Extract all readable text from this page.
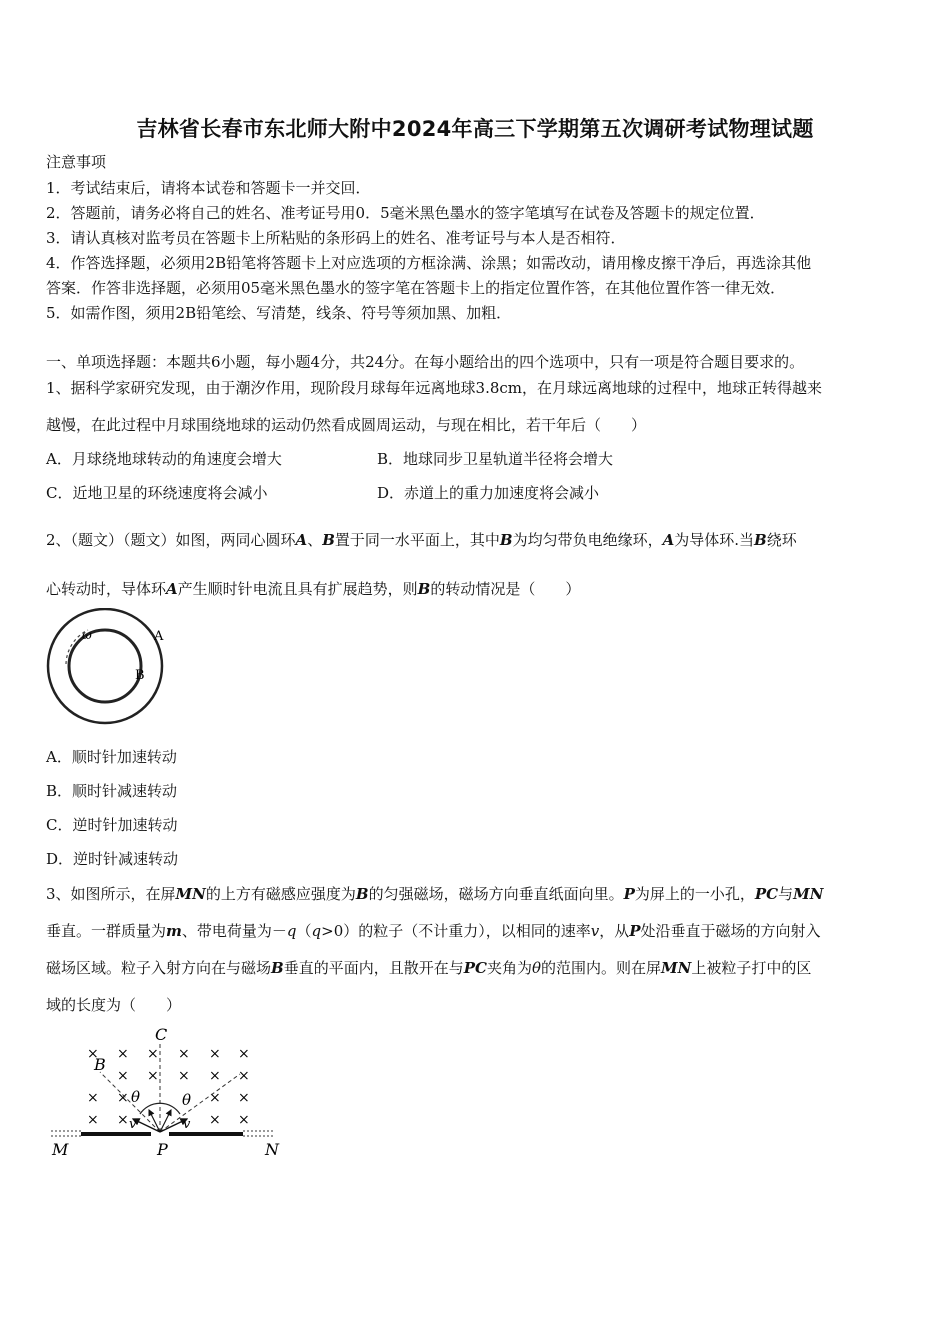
吉林省长春市东北师大附中2024年高三下学期第五次调研考试物理试题
注意事项
1．考试结束后，请将本试卷和答题卡一并交回．
2．答题前，请务必将自己的姓名、准考证号用0．5毫米黑色墨水的签字笔填写在试卷及答题卡的规定位置．
3．请认真核对监考员在答题卡上所粘贴的条形码上的姓名、准考证号与本人是否相符．
4．作答选择题，必须用2B铅笔将答题卡上对应选项的方框涂满、涂黑；如需改动，请用橡皮擦干净后，再选涂其他
答案．作答非选择题，必须用05毫米黑色墨水的签字笔在答题卡上的指定位置作答，在其他位置作答一律无效．
5．如需作图，须用2B铅笔绘、写清楚，线条、符号等须加黑、加粗．
一、单项选择题：本题共6小题，每小题4分，共24分。在每小题给出的四个选项中，只有一项是符合题目要求的。
1、据科学家研究发现，由于潮汐作用，现阶段月球每年远离地球3.8cm，在月球远离地球的过程中，地球正转得越来
越慢，在此过程中月球围绕地球的运动仍然看成圆周运动，与现在相比，若干年后（　　）
A．月球绕地球转动的角速度会增大	B．地球同步卫星轨道半径将会增大
C．近地卫星的环绕速度将会减小	D．赤道上的重力加速度将会减小
2、（题文）（题文）如图，两同心圆环A、B置于同一水平面上，其中B为均匀带负电绝缘环，A为导体环.当B绕环
心转动时，导体环A产生顺时针电流且具有扩展趋势，则B的转动情况是（　　）
ω	A
B
A．顺时针加速转动
B．顺时针减速转动
C．逆时针加速转动
D．逆时针减速转动
3、如图所示，在屏MN的上方有磁感应强度为B的匀强磁场，磁场方向垂直纸面向里。P为屏上的一小孔，PC与MN
垂直。一群质量为m、带电荷量为－q（q>0）的粒子（不计重力），以相同的速率v，从P处沿垂直于磁场的方向射入
磁场区域。粒子入射方向在与磁场B垂直的平面内，且散开在与PC夹角为θ的范围内。则在屏MN上被粒子打中的区
域的长度为（　　）
× × × × × ×
× × × × ×
× ×	× ×
× ×	× ×
C
B
θ	θ
v	v
M	P	N
